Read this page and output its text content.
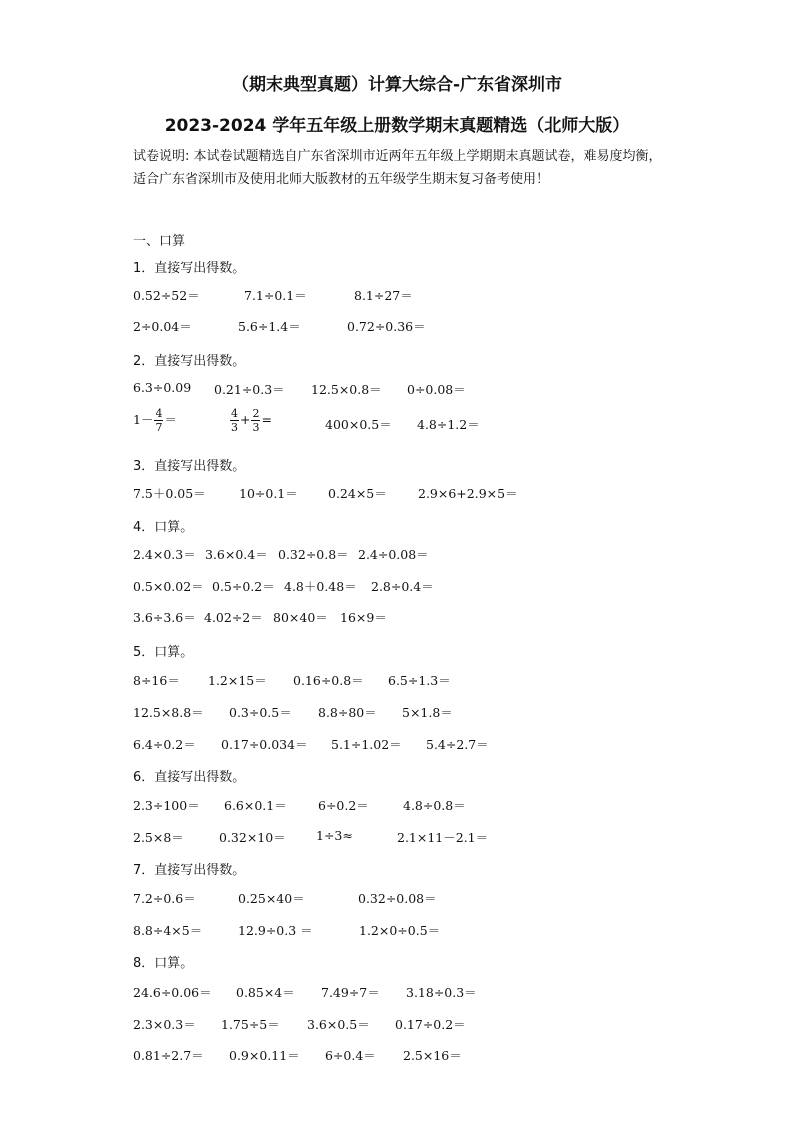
（期末典型真题）计算大综合-广东省深圳市
2023-2024 学年五年级上册数学期末真题精选（北师大版）
试卷说明: 本试卷试题精选自广东省深圳市近两年五年级上学期期末真题试卷，难易度均衡，适合广东省深圳市及使用北师大版教材的五年级学生期末复习备考使用！
一、口算
1．直接写出得数。
0.52÷52＝	7.1÷0.1＝	8.1÷27＝
2÷0.04＝	5.6÷1.4＝	0.72÷0.36＝
2．直接写出得数。
6.3÷0.09 0.21÷0.3＝ 12.5×0.8＝ 0÷0.08＝
$1- \frac{4}{7}$ ＝	$\frac{4}{3} + \frac{2}{3}$ =	400×0.5＝ 4.8÷1.2＝
3．直接写出得数。
7.5＋0.05＝	10÷0.1＝ 0.24×5＝ 2.9×6+2.9×5＝
4．口算。
2.4×0.3＝ 3.6×0.4＝ 0.32÷0.8＝ 2.4÷0.08＝
0.5×0.02＝ 0.5÷0.2＝ 4.8＋0.48＝ 2.8÷0.4＝
3.6÷3.6＝ 4.02÷2＝ 80×40＝ 16×9＝
5．口算。
8÷16＝ 1.2×15＝ 0.16÷0.8＝ 6.5÷1.3＝
12.5×8.8＝ 0.3÷0.5＝ 8.8÷80＝ 5×1.8＝
6.4÷0.2＝ 0.17÷0.034＝ 5.1÷1.02＝ 5.4÷2.7＝
6．直接写出得数。
2.3÷100＝ 6.6×0.1＝	6÷0.2＝	4.8÷0.8＝
2.5×8＝	0.32×10＝ 1÷3≈	2.1×11－2.1＝
7．直接写出得数。
7.2÷0.6＝	0.25×40＝	0.32÷0.08＝
8.8÷4×5＝	12.9÷0.3 ＝	1.2×0÷0.5＝
8．口算。
24.6÷0.06＝ 0.85×4＝ 7.49÷7＝ 3.18÷0.3＝
2.3×0.3＝ 1.75÷5＝ 3.6×0.5＝ 0.17÷0.2＝
0.81÷2.7＝ 0.9×0.11＝ 6÷0.4＝ 2.5×16＝
